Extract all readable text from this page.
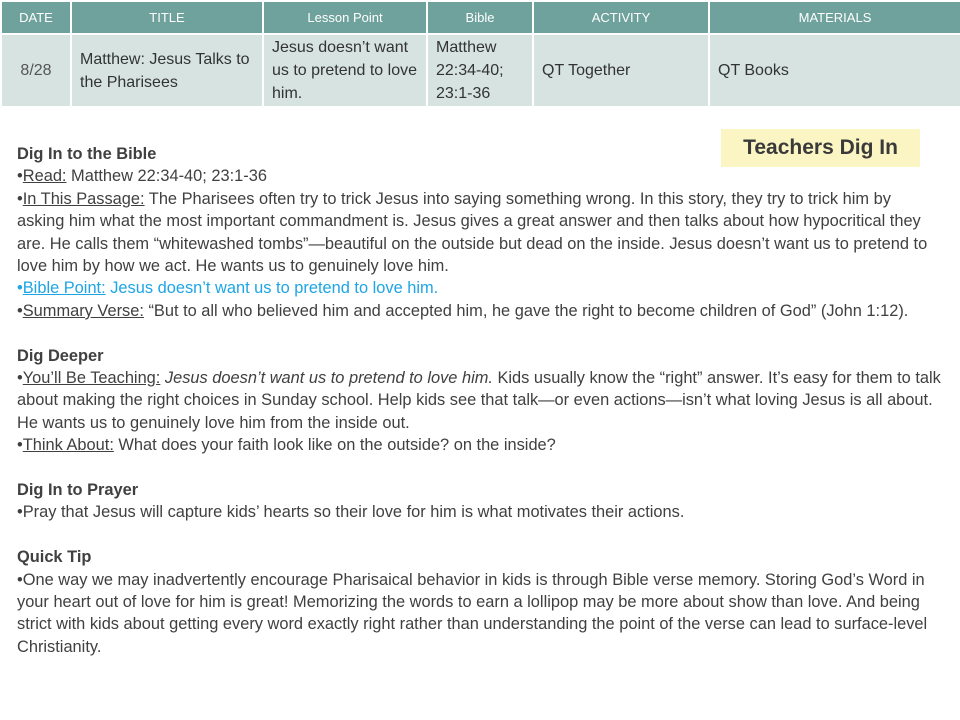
DATE	TITLE	Lesson Point	Bible	ACTIVITY	MATERIALS
8/28	Matthew: Jesus Talks to the Pharisees	Jesus doesn’t want us to pretend to love him.	Matthew 22:34-40; 23:1-36	QT Together	QT Books
Teachers Dig In

Dig In to the Bible

•Read: Matthew 22:34-40; 23:1-36

•In This Passage: The Pharisees often try to trick Jesus into saying something wrong. In this story, they try to trick him by asking him what the most important commandment is. Jesus gives a great answer and then talks about how hypocritical they are. He calls them “whitewashed tombs”—beautiful on the outside but dead on the inside. Jesus doesn’t want us to pretend to love him by how we act. He wants us to genuinely love him.

•Bible Point: Jesus doesn’t want us to pretend to love him.

•Summary Verse: “But to all who believed him and accepted him, he gave the right to become children of God” (John 1:12).

Dig Deeper

•You’ll Be Teaching: Jesus doesn’t want us to pretend to love him. Kids usually know the “right” answer. It’s easy for them to talk about making the right choices in Sunday school. Help kids see that talk—or even actions—isn’t what loving Jesus is all about. He wants us to genuinely love him from the inside out.

•Think About: What does your faith look like on the outside? on the inside?

Dig In to Prayer

•Pray that Jesus will capture kids’ hearts so their love for him is what motivates their actions.

Quick Tip

•One way we may inadvertently encourage Pharisaical behavior in kids is through Bible verse memory. Storing God’s Word in your heart out of love for him is great! Memorizing the words to earn a lollipop may be more about show than love. And being strict with kids about getting every word exactly right rather than understanding the point of the verse can lead to surface-level Christianity.
